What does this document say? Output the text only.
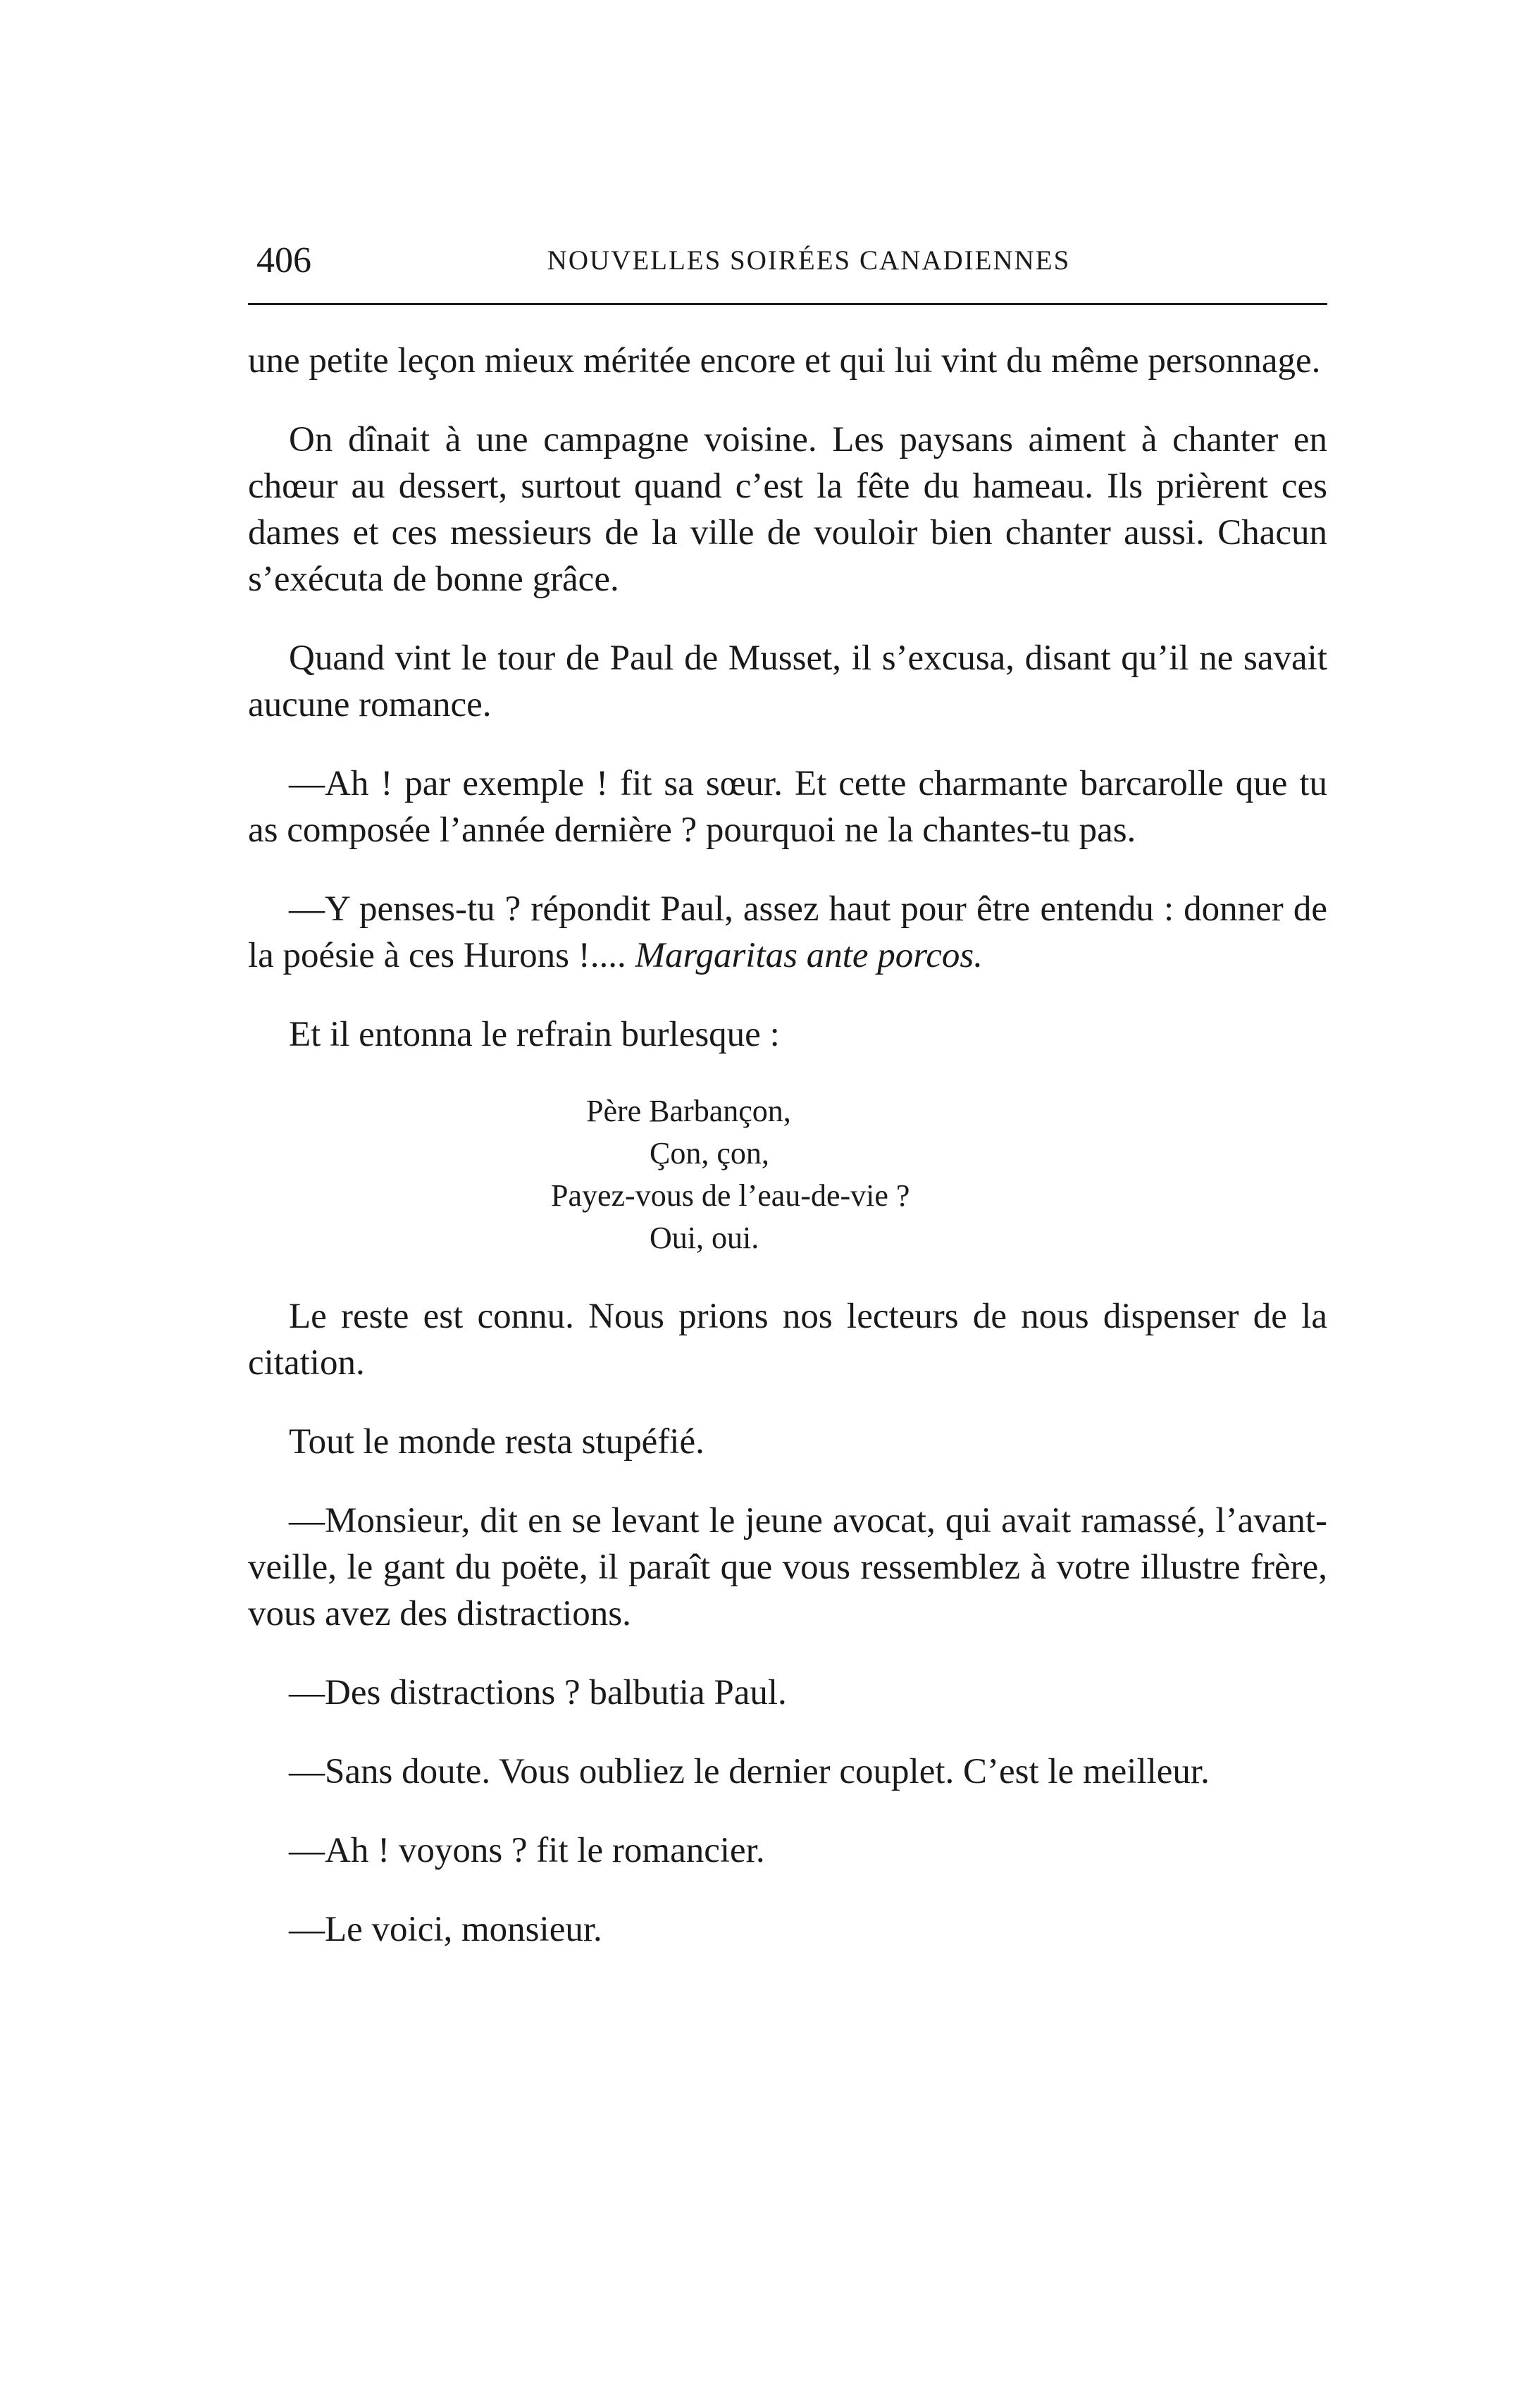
406	NOUVELLES SOIRÉES CANADIENNES

une petite leçon mieux méritée encore et qui lui vint du même personnage.

On dînait à une campagne voisine. Les paysans aiment à chanter en chœur au dessert, surtout quand c’est la fête du hameau. Ils prièrent ces dames et ces messieurs de la ville de vouloir bien chanter aussi. Chacun s’exécuta de bonne grâce.

Quand vint le tour de Paul de Musset, il s’excusa, disant qu’il ne savait aucune romance.

—Ah ! par exemple ! fit sa sœur. Et cette charmante barcarolle que tu as composée l’année dernière ? pourquoi ne la chantes-tu pas.

—Y penses-tu ? répondit Paul, assez haut pour être entendu : donner de la poésie à ces Hurons !.... Margaritas ante porcos.

Et il entonna le refrain burlesque :

Père Barbançon,
Çon, çon,
Payez-vous de l’eau-de-vie ?
Oui, oui.

Le reste est connu. Nous prions nos lecteurs de nous dispenser de la citation.

Tout le monde resta stupéfié.

—Monsieur, dit en se levant le jeune avocat, qui avait ramassé, l’avant-veille, le gant du poëte, il paraît que vous ressemblez à votre illustre frère, vous avez des distractions.

—Des distractions ? balbutia Paul.

—Sans doute. Vous oubliez le dernier couplet. C’est le meilleur.

—Ah ! voyons ? fit le romancier.

—Le voici, monsieur.
